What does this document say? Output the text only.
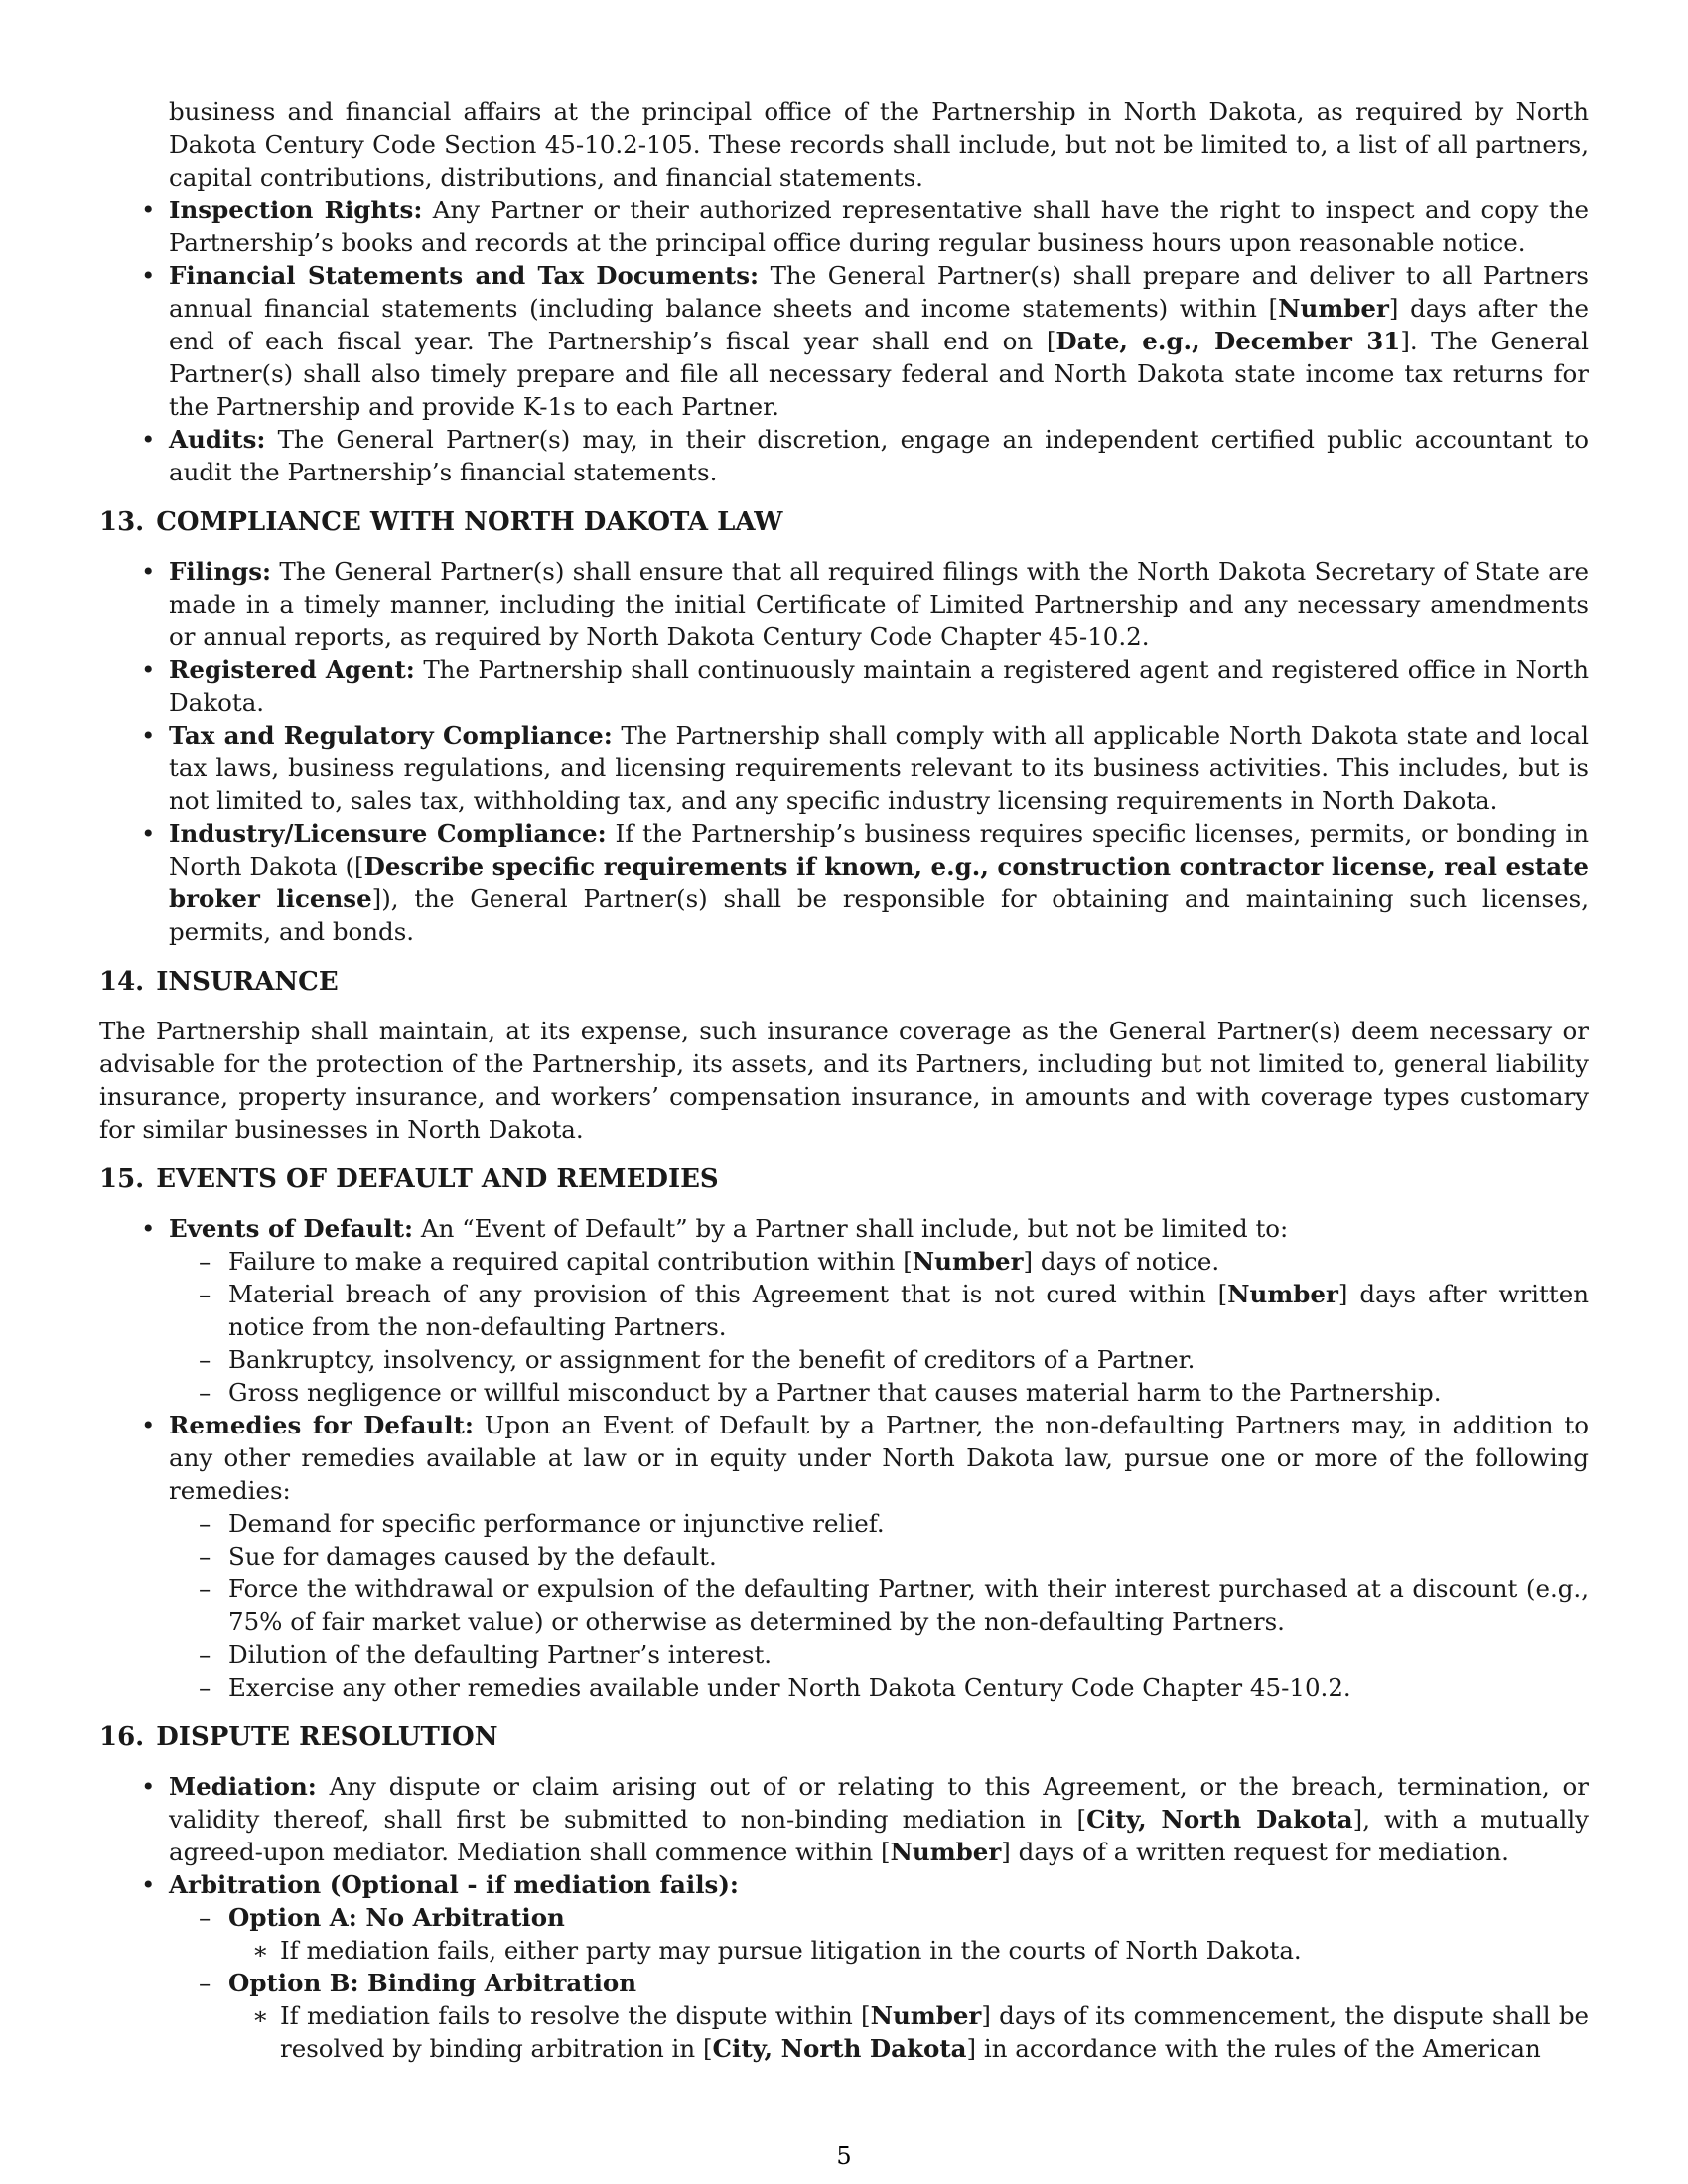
business and financial affairs at the principal office of the Partnership in North Dakota, as required by North Dakota Century Code Section 45-10.2-105. These records shall include, but not be limited to, a list of all partners, capital contributions, distributions, and financial statements.

• Inspection Rights: Any Partner or their authorized representative shall have the right to inspect and copy the Partnership’s books and records at the principal office during regular business hours upon reasonable notice.
• Financial Statements and Tax Documents: The General Partner(s) shall prepare and deliver to all Partners annual financial statements (including balance sheets and income statements) within [Number] days after the end of each fiscal year. The Partnership’s fiscal year shall end on [Date, e.g., December 31]. The General Partner(s) shall also timely prepare and file all necessary federal and North Dakota state income tax returns for the Partnership and provide K-1s to each Partner.
• Audits: The General Partner(s) may, in their discretion, engage an independent certified public accountant to audit the Partnership’s financial statements.
13. COMPLIANCE WITH NORTH DAKOTA LAW
• Filings: The General Partner(s) shall ensure that all required filings with the North Dakota Secretary of State are made in a timely manner, including the initial Certificate of Limited Partnership and any necessary amendments or annual reports, as required by North Dakota Century Code Chapter 45-10.2.
• Registered Agent: The Partnership shall continuously maintain a registered agent and registered office in North Dakota.
• Tax and Regulatory Compliance: The Partnership shall comply with all applicable North Dakota state and local tax laws, business regulations, and licensing requirements relevant to its business activities. This includes, but is not limited to, sales tax, withholding tax, and any specific industry licensing requirements in North Dakota.
• Industry/Licensure Compliance: If the Partnership’s business requires specific licenses, permits, or bonding in North Dakota ([Describe specific requirements if known, e.g., construction contractor license, real estate broker license]), the General Partner(s) shall be responsible for obtaining and maintaining such licenses, permits, and bonds.
14. INSURANCE

The Partnership shall maintain, at its expense, such insurance coverage as the General Partner(s) deem necessary or advisable for the protection of the Partnership, its assets, and its Partners, including but not limited to, general liability insurance, property insurance, and workers’ compensation insurance, in amounts and with coverage types customary for similar businesses in North Dakota.

15. EVENTS OF DEFAULT AND REMEDIES
• Events of Default: An “Event of Default” by a Partner shall include, but not be limited to:
– Failure to make a required capital contribution within [Number] days of notice.
– Material breach of any provision of this Agreement that is not cured within [Number] days after written notice from the non-defaulting Partners.
– Bankruptcy, insolvency, or assignment for the benefit of creditors of a Partner.
– Gross negligence or willful misconduct by a Partner that causes material harm to the Partnership.
• Remedies for Default: Upon an Event of Default by a Partner, the non-defaulting Partners may, in addition to any other remedies available at law or in equity under North Dakota law, pursue one or more of the following remedies:
– Demand for specific performance or injunctive relief.
– Sue for damages caused by the default.
– Force the withdrawal or expulsion of the defaulting Partner, with their interest purchased at a discount (e.g., 75% of fair market value) or otherwise as determined by the non-defaulting Partners.
– Dilution of the defaulting Partner’s interest.
– Exercise any other remedies available under North Dakota Century Code Chapter 45-10.2.
16. DISPUTE RESOLUTION
• Mediation: Any dispute or claim arising out of or relating to this Agreement, or the breach, termination, or validity thereof, shall first be submitted to non-binding mediation in [City, North Dakota], with a mutually agreed-upon mediator. Mediation shall commence within [Number] days of a written request for mediation.
• Arbitration (Optional - if mediation fails):
– Option A: No Arbitration
∗ If mediation fails, either party may pursue litigation in the courts of North Dakota.
– Option B: Binding Arbitration
∗ If mediation fails to resolve the dispute within [Number] days of its commencement, the dispute shall be resolved by binding arbitration in [City, North Dakota] in accordance with the rules of the American
5
